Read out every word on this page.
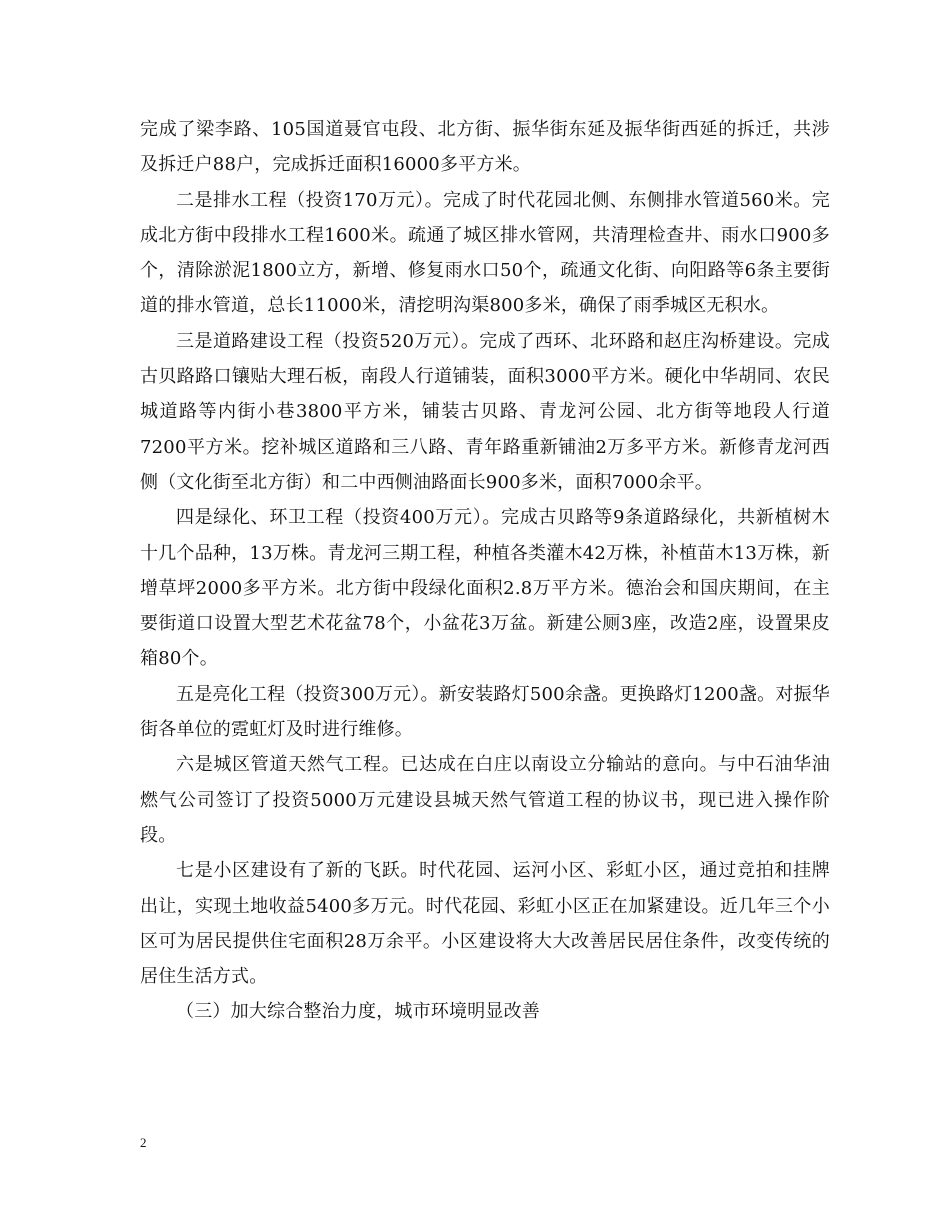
完成了梁李路、105国道聂官屯段、北方街、振华街东延及振华街西延的拆迁，共涉及拆迁户88户，完成拆迁面积16000多平方米。

二是排水工程（投资170万元）。完成了时代花园北侧、东侧排水管道560米。完成北方街中段排水工程1600米。疏通了城区排水管网，共清理检查井、雨水口900多个，清除淤泥1800立方，新增、修复雨水口50个，疏通文化街、向阳路等6条主要街道的排水管道，总长11000米，清挖明沟渠800多米，确保了雨季城区无积水。

三是道路建设工程（投资520万元）。完成了西环、北环路和赵庄沟桥建设。完成古贝路路口镶贴大理石板，南段人行道铺装，面积3000平方米。硬化中华胡同、农民城道路等内街小巷3800平方米，铺装古贝路、青龙河公园、北方街等地段人行道7200平方米。挖补城区道路和三八路、青年路重新铺油2万多平方米。新修青龙河西侧（文化街至北方街）和二中西侧油路面长900多米，面积7000余平。

四是绿化、环卫工程（投资400万元）。完成古贝路等9条道路绿化，共新植树木十几个品种，13万株。青龙河三期工程，种植各类灌木42万株，补植苗木13万株，新增草坪2000多平方米。北方街中段绿化面积2.8万平方米。德治会和国庆期间，在主要街道口设置大型艺术花盆78个，小盆花3万盆。新建公厕3座，改造2座，设置果皮箱80个。

五是亮化工程（投资300万元）。新安装路灯500余盏。更换路灯1200盏。对振华街各单位的霓虹灯及时进行维修。

六是城区管道天然气工程。已达成在白庄以南设立分输站的意向。与中石油华油燃气公司签订了投资5000万元建设县城天然气管道工程的协议书，现已进入操作阶段。

七是小区建设有了新的飞跃。时代花园、运河小区、彩虹小区，通过竞拍和挂牌出让，实现土地收益5400多万元。时代花园、彩虹小区正在加紧建设。近几年三个小区可为居民提供住宅面积28万余平。小区建设将大大改善居民居住条件，改变传统的居住生活方式。

（三）加大综合整治力度，城市环境明显改善

2
